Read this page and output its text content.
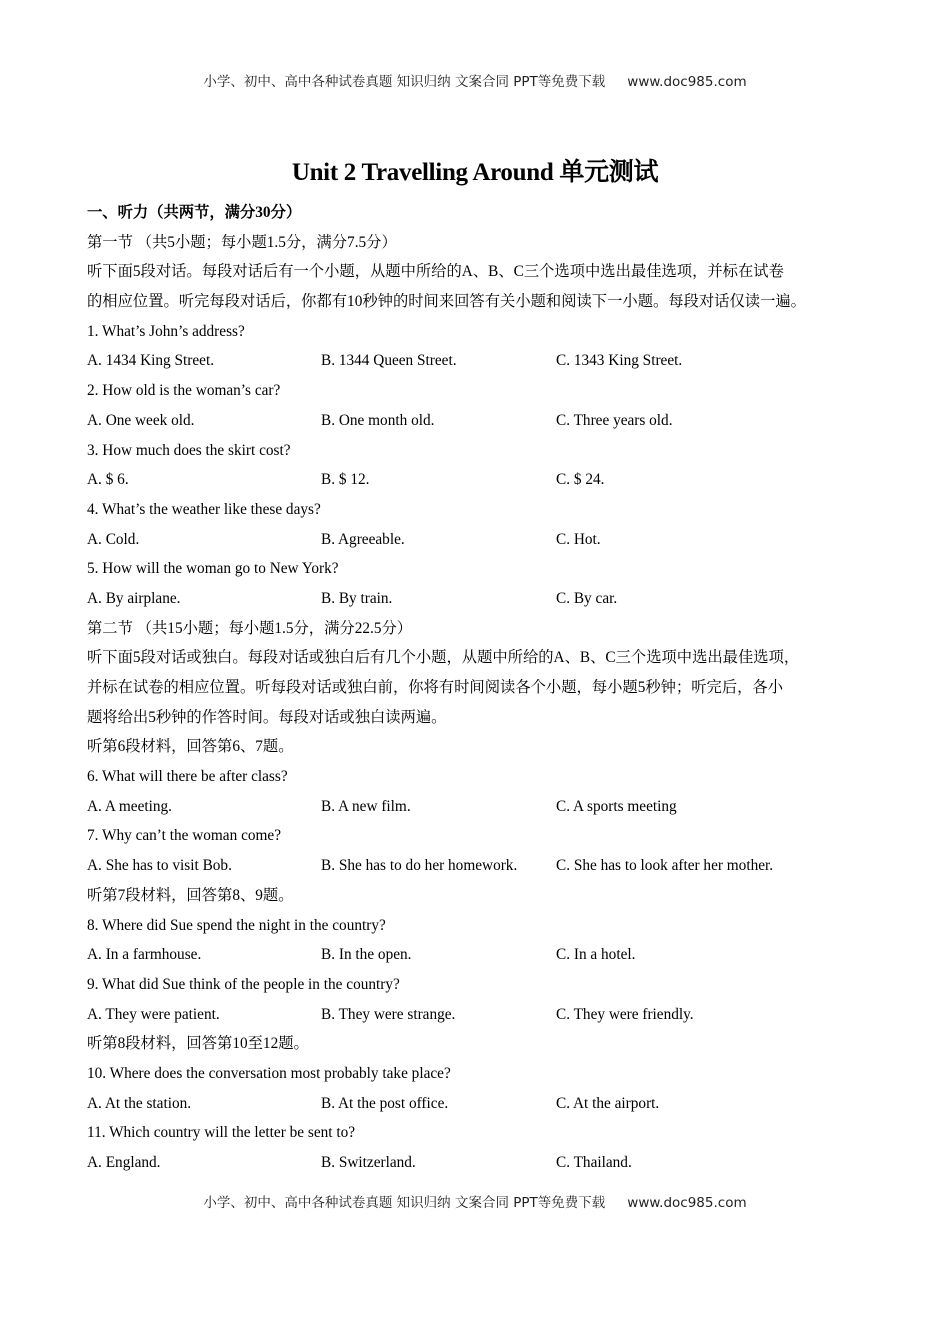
小学、初中、高中各种试卷真题 知识归纳 文案合同 PPT等免费下载 www.doc985.com
Unit 2 Travelling Around 单元测试
一、听力（共两节，满分30分）
第一节 （共5小题；每小题1.5分，满分7.5分）
听下面5段对话。每段对话后有一个小题，从题中所给的A、B、C三个选项中选出最佳选项，并标在试卷
的相应位置。听完每段对话后，你都有10秒钟的时间来回答有关小题和阅读下一小题。每段对话仅读一遍。
1. What’s John’s address?
A. 1434 King Street.	B. 1344 Queen Street.	C. 1343 King Street.
2. How old is the woman’s car?
A. One week old.	B. One month old.	C. Three years old.
3. How much does the skirt cost?
A. $ 6.	B. $ 12.	C. $ 24.
4. What’s the weather like these days?
A. Cold.	B. Agreeable.	C. Hot.
5. How will the woman go to New York?
A. By airplane.	B. By train.	C. By car.
第二节 （共15小题；每小题1.5分，满分22.5分）
听下面5段对话或独白。每段对话或独白后有几个小题，从题中所给的A、B、C三个选项中选出最佳选项，
并标在试卷的相应位置。听每段对话或独白前，你将有时间阅读各个小题，每小题5秒钟；听完后，各小
题将给出5秒钟的作答时间。每段对话或独白读两遍。
听第6段材料，回答第6、7题。
6. What will there be after class?
A. A meeting.	B. A new film.	C. A sports meeting
7. Why can’t the woman come?
A. She has to visit Bob.	B. She has to do her homework.	C. She has to look after her mother.
听第7段材料，回答第8、9题。
8. Where did Sue spend the night in the country?
A. In a farmhouse.	B. In the open.	C. In a hotel.
9. What did Sue think of the people in the country?
A. They were patient.	B. They were strange.	C. They were friendly.
听第8段材料，回答第10至12题。
10. Where does the conversation most probably take place?
A. At the station.	B. At the post office.	C. At the airport.
11. Which country will the letter be sent to?
A. England.	B. Switzerland.	C. Thailand.
小学、初中、高中各种试卷真题 知识归纳 文案合同 PPT等免费下载 www.doc985.com
